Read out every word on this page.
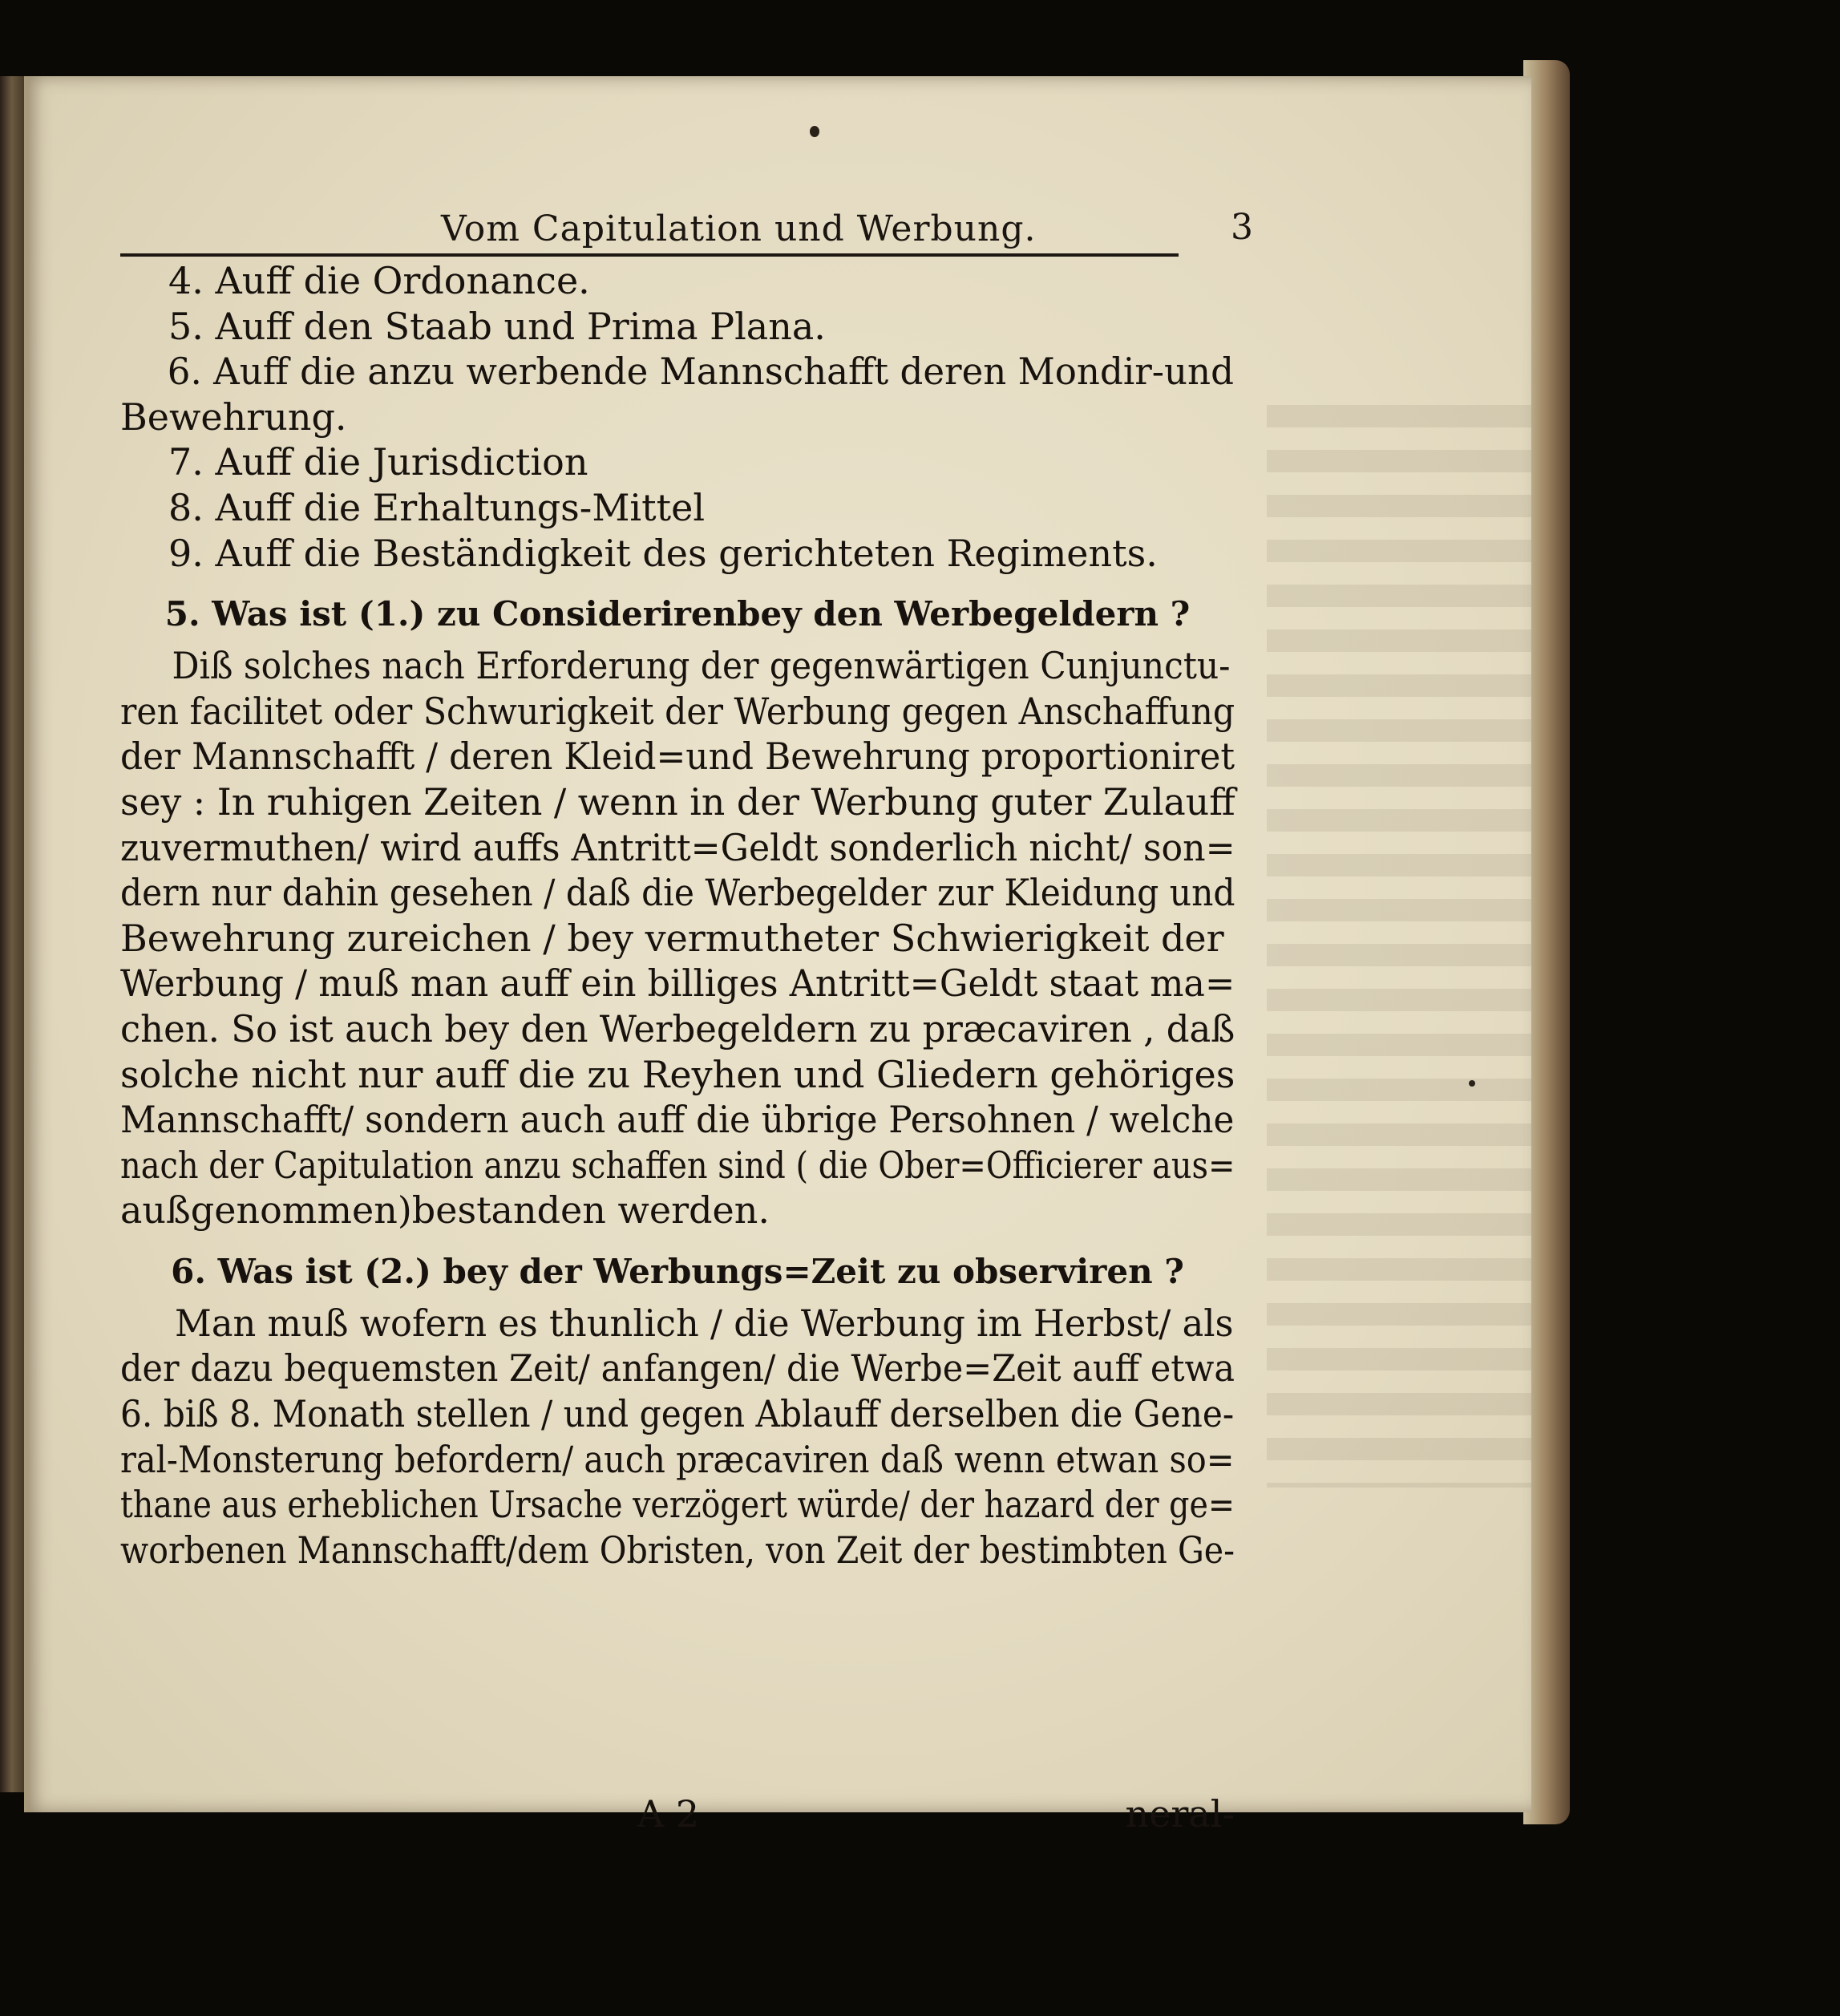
Vom Capitulation und Werbung.	3
4. Auff die Ordonance.
5. Auff den Staab und Prima Plana.
6. Auff die anzu werbende Mannschafft deren Mondir-und
Bewehrung.
7. Auff die Jurisdiction
8. Auff die Erhaltungs-Mittel
9. Auff die Beständigkeit des gerichteten Regiments.
5. Was ist (1.) zu Considerirenbey den Werbegeldern ?
Diß solches nach Erforderung der gegenwärtigen Cunjunctu-
ren facilitet oder Schwurigkeit der Werbung gegen Anschaffung
der Mannschafft / deren Kleid=und Bewehrung proportioniret
sey : In ruhigen Zeiten / wenn in der Werbung guter Zulauff
zuvermuthen/ wird auffs Antritt=Geldt sonderlich nicht/ son=
dern nur dahin gesehen / daß die Werbegelder zur Kleidung und
Bewehrung zureichen / bey vermutheter Schwierigkeit der
Werbung / muß man auff ein billiges Antritt=Geldt staat ma=
chen. So ist auch bey den Werbegeldern zu præcaviren , daß
solche nicht nur auff die zu Reyhen und Gliedern gehöriges
Mannschafft/ sondern auch auff die übrige Persohnen / welche
nach der Capitulation anzu schaffen sind ( die Ober=Officierer aus=
außgenommen)bestanden werden.
6. Was ist (2.) bey der Werbungs=Zeit zu observiren ?
Man muß wofern es thunlich / die Werbung im Herbst/ als
der dazu bequemsten Zeit/ anfangen/ die Werbe=Zeit auff etwa
6. biß 8. Monath stellen / und gegen Ablauff derselben die Gene-
ral-Monsterung befordern/ auch præcaviren daß wenn etwan so=
thane aus erheblichen Ursache verzögert würde/ der hazard der ge=
worbenen Mannschafft/dem Obristen, von Zeit der bestimbten Ge-
A 2	neral-
